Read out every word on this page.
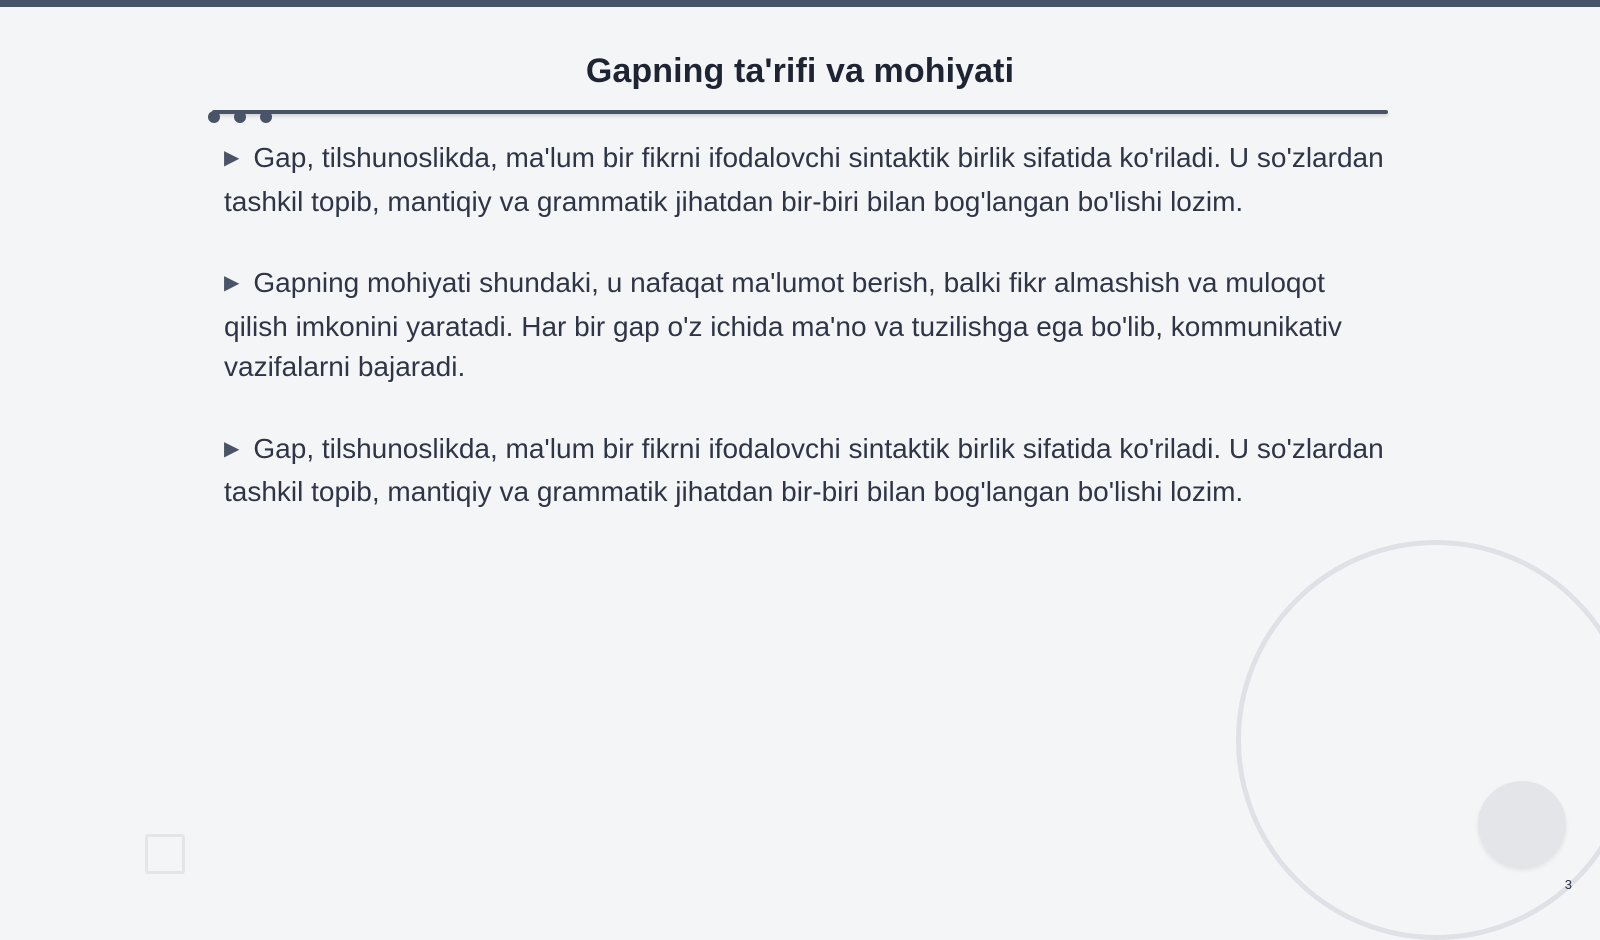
Gapning ta'rifi va mohiyati

▶ Gap, tilshunoslikda, ma'lum bir fikrni ifodalovchi sintaktik birlik sifatida ko'riladi. U so'zlardan tashkil topib, mantiqiy va grammatik jihatdan bir-biri bilan bog'langan bo'lishi lozim.

▶ Gapning mohiyati shundaki, u nafaqat ma'lumot berish, balki fikr almashish va muloqot qilish imkonini yaratadi. Har bir gap o'z ichida ma'no va tuzilishga ega bo'lib, kommunikativ vazifalarni bajaradi.

▶ Gap, tilshunoslikda, ma'lum bir fikrni ifodalovchi sintaktik birlik sifatida ko'riladi. U so'zlardan tashkil topib, mantiqiy va grammatik jihatdan bir-biri bilan bog'langan bo'lishi lozim.

3
